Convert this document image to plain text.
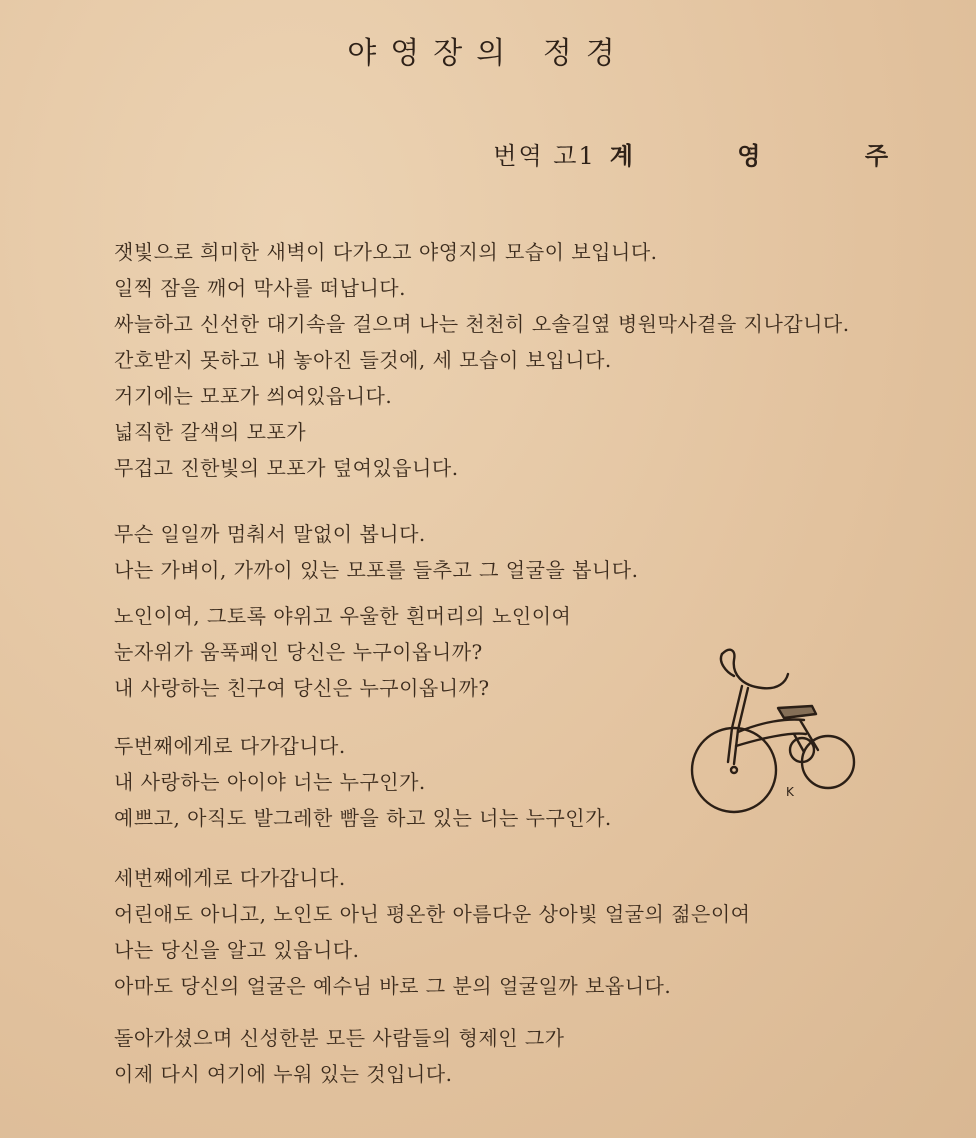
야영장의 정경
번역 고1 계 영 주
잿빛으로 희미한 새벽이 다가오고 야영지의 모습이 보입니다.
일찍 잠을 깨어 막사를 떠납니다.
싸늘하고 신선한 대기속을 걸으며 나는 천천히 오솔길옆 병원막사곁을 지나갑니다.
간호받지 못하고 내 놓아진 들것에, 세 모습이 보입니다.
거기에는 모포가 씌여있읍니다.
넓직한 갈색의 모포가
무겁고 진한빛의 모포가 덮여있읍니다.
무슨 일일까 멈춰서 말없이 봅니다.
나는 가벼이, 가까이 있는 모포를 들추고 그 얼굴을 봅니다.
노인이여, 그토록 야위고 우울한 흰머리의 노인이여
눈자위가 움푹패인 당신은 누구이옵니까?
내 사랑하는 친구여 당신은 누구이옵니까?
두번째에게로 다가갑니다.
내 사랑하는 아이야 너는 누구인가.
예쁘고, 아직도 발그레한 빰을 하고 있는 너는 누구인가.
세번째에게로 다가갑니다.
어린애도 아니고, 노인도 아닌 평온한 아름다운 상아빛 얼굴의 젊은이여
나는 당신을 알고 있읍니다.
아마도 당신의 얼굴은 예수님 바로 그 분의 얼굴일까 보옵니다.
돌아가셨으며 신성한분 모든 사람들의 형제인 그가
이제 다시 여기에 누워 있는 것입니다.
K
